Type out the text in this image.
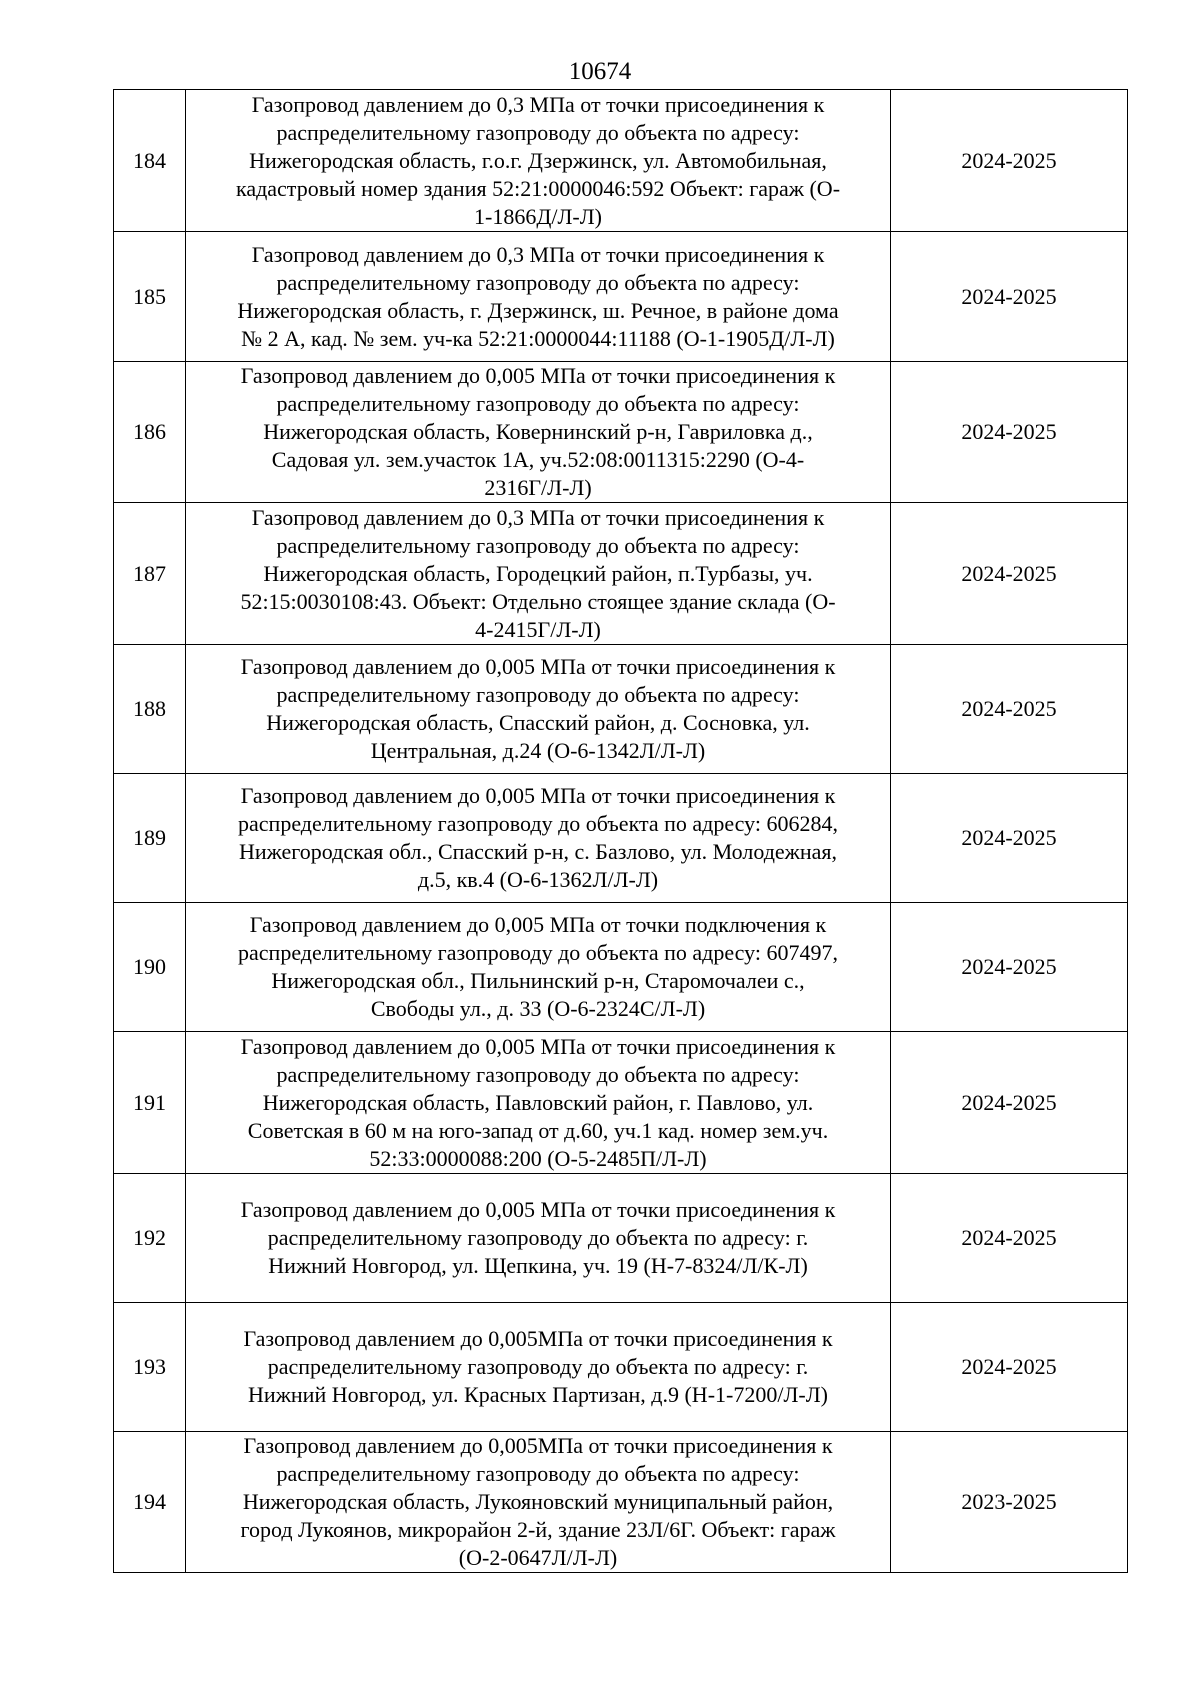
10674
184	Газопровод давлением до 0,3 МПа от точки присоединения к
распределительному газопроводу до объекта по адресу:
Нижегородская область, г.о.г. Дзержинск, ул. Автомобильная,
кадастровый номер здания 52:21:0000046:592 Объект: гараж (О-
1-1866Д/Л-Л)	2024-2025
185	Газопровод давлением до 0,3 МПа от точки присоединения к
распределительному газопроводу до объекта по адресу:
Нижегородская область, г. Дзержинск, ш. Речное, в районе дома
№ 2 А, кад. № зем. уч-ка 52:21:0000044:11188 (О-1-1905Д/Л-Л)	2024-2025
186	Газопровод давлением до 0,005 МПа от точки присоединения к
распределительному газопроводу до объекта по адресу:
Нижегородская область, Ковернинский р-н, Гавриловка д.,
Садовая ул. зем.участок 1А, уч.52:08:0011315:2290 (О-4-
2316Г/Л-Л)	2024-2025
187	Газопровод давлением до 0,3 МПа от точки присоединения к
распределительному газопроводу до объекта по адресу:
Нижегородская область, Городецкий район, п.Турбазы, уч.
52:15:0030108:43. Объект: Отдельно стоящее здание склада (О-
4-2415Г/Л-Л)	2024-2025
188	Газопровод давлением до 0,005 МПа от точки присоединения к
распределительному газопроводу до объекта по адресу:
Нижегородская область, Спасский район, д. Сосновка, ул.
Центральная, д.24 (О-6-1342Л/Л-Л)	2024-2025
189	Газопровод давлением до 0,005 МПа от точки присоединения к
распределительному газопроводу до объекта по адресу: 606284,
Нижегородская обл., Спасский р-н, с. Базлово, ул. Молодежная,
д.5, кв.4 (О-6-1362Л/Л-Л)	2024-2025
190	Газопровод давлением до 0,005 МПа от точки подключения к
распределительному газопроводу до объекта по адресу: 607497,
Нижегородская обл., Пильнинский р-н, Старомочалеи с.,
Свободы ул., д. 33 (О-6-2324С/Л-Л)	2024-2025
191	Газопровод давлением до 0,005 МПа от точки присоединения к
распределительному газопроводу до объекта по адресу:
Нижегородская область, Павловский район, г. Павлово, ул.
Советская в 60 м на юго-запад от д.60, уч.1 кад. номер зем.уч.
52:33:0000088:200 (О-5-2485П/Л-Л)	2024-2025
192	Газопровод давлением до 0,005 МПа от точки присоединения к
распределительному газопроводу до объекта по адресу: г.
Нижний Новгород, ул. Щепкина, уч. 19 (Н-7-8324/Л/К-Л)	2024-2025
193	Газопровод давлением до 0,005МПа от точки присоединения к
распределительному газопроводу до объекта по адресу: г.
Нижний Новгород, ул. Красных Партизан, д.9 (Н-1-7200/Л-Л)	2024-2025
194	Газопровод давлением до 0,005МПа от точки присоединения к
распределительному газопроводу до объекта по адресу:
Нижегородская область, Лукояновский муниципальный район,
город Лукоянов, микрорайон 2-й, здание 23Л/6Г. Объект: гараж
(О-2-0647Л/Л-Л)	2023-2025
